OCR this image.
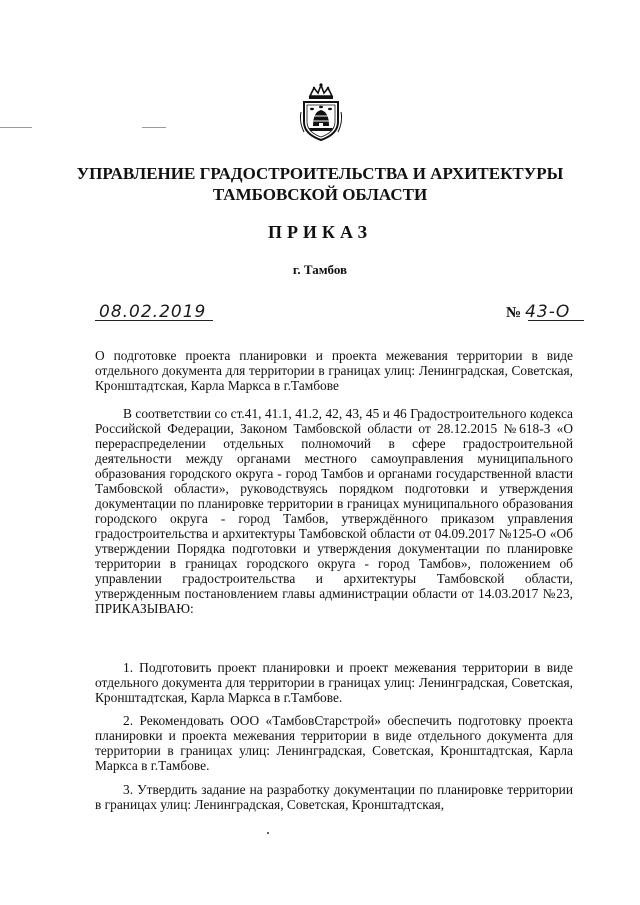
УПРАВЛЕНИЕ ГРАДОСТРОИТЕЛЬСТВА И АРХИТЕКТУРЫ
ТАМБОВСКОЙ ОБЛАСТИ
ПРИКАЗ
г. Тамбов
08.02.2019	№ 43-О
О подготовке проекта планировки и проекта межевания территории в виде отдельного документа для территории в границах улиц: Ленинградская, Советская, Кронштадтская, Карла Маркса в г.Тамбове
В соответствии со ст.41, 41.1, 41.2, 42, 43, 45 и 46 Градостроительного кодекса Российской Федерации, Законом Тамбовской области от 28.12.2015 №618-З «О перераспределении отдельных полномочий в сфере градостроительной деятельности между органами местного самоуправления муниципального образования городского округа - город Тамбов и органами государственной власти Тамбовской области», руководствуясь порядком подготовки и утверждения документации по планировке территории в границах муниципального образования городского округа - город Тамбов, утверждённого приказом управления градостроительства и архитектуры Тамбовской области от 04.09.2017 №125-О «Об утверждении Порядка подготовки и утверждения документации по планировке территории в границах городского округа - город Тамбов», положением об управлении градостроительства и архитектуры Тамбовской области, утвержденным постановлением главы администрации области от 14.03.2017 №23, ПРИКАЗЫВАЮ:
1. Подготовить проект планировки и проект межевания территории в виде отдельного документа для территории в границах улиц: Ленинградская, Советская, Кронштадтская, Карла Маркса в г.Тамбове.
2. Рекомендовать ООО «ТамбовСтарстрой» обеспечить подготовку проекта планировки и проекта межевания территории в виде отдельного документа для территории в границах улиц: Ленинградская, Советская, Кронштадтская, Карла Маркса в г.Тамбове.
3. Утвердить задание на разработку документации по планировке территории в границах улиц: Ленинградская, Советская, Кронштадтская,
